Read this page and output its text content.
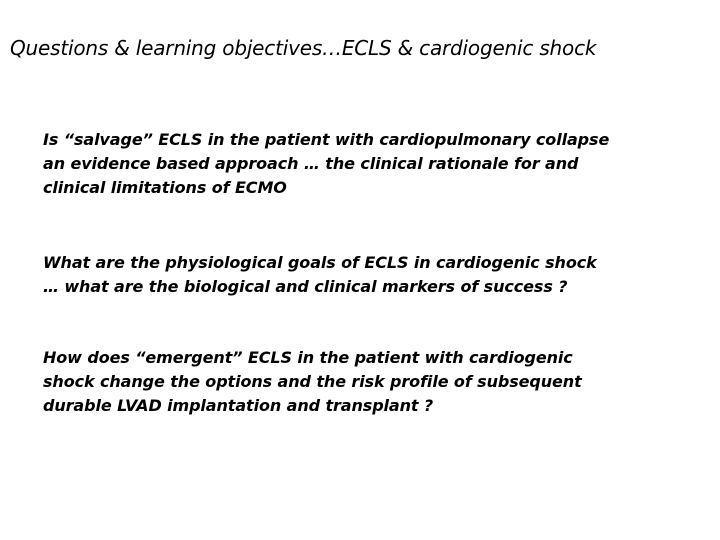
Questions & learning objectives…ECLS & cardiogenic shock
Is “salvage” ECLS in the patient with cardiopulmonary collapse
an evidence based approach … the clinical rationale for and
clinical limitations of ECMO
What are the physiological goals of ECLS in cardiogenic shock
… what are the biological and clinical markers of success ?
How does “emergent” ECLS in the patient with cardiogenic
shock change the options and the risk profile of subsequent
durable LVAD implantation and transplant ?
